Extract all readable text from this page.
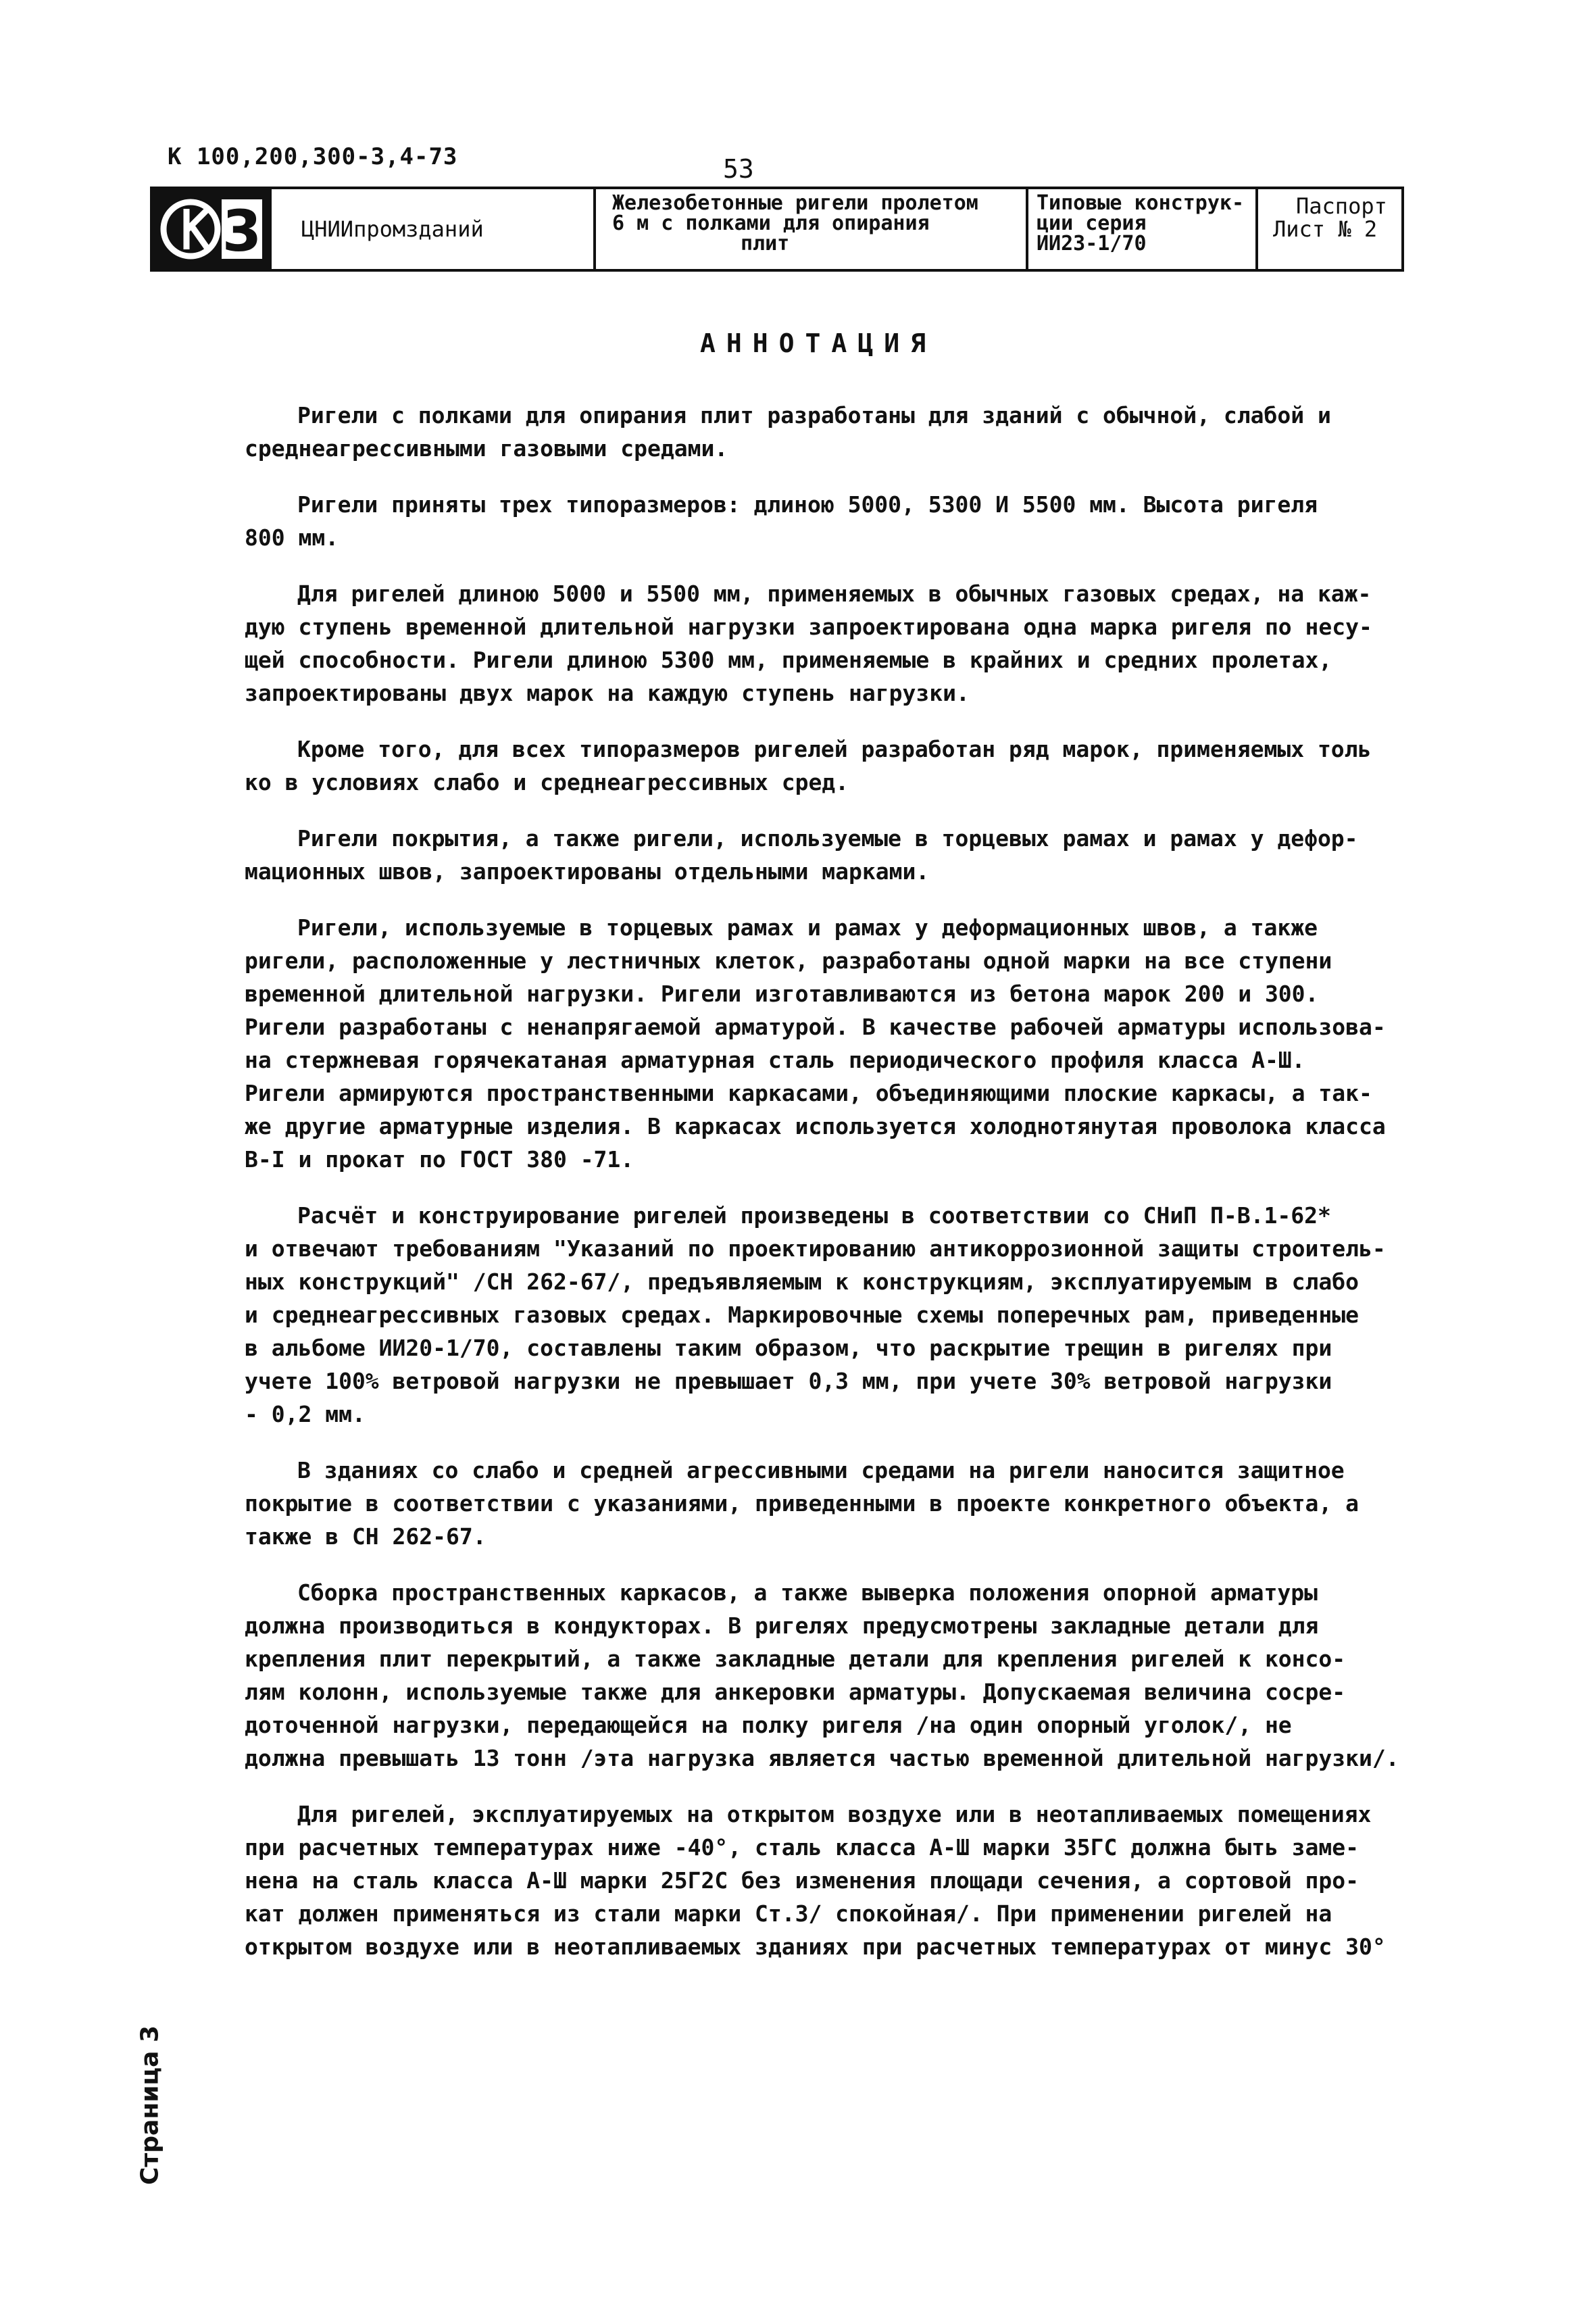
К 100,200,300-3,4-73	53
3 ЦНИИпромзданий
Железобетонные ригели пролетом
6 м с полками для опирания
плит
Типовые конструк-
ции серия
ИИ23-1/70
Паспорт
Лист № 2
АННОТАЦИЯ
Ригели с полками для опирания плит разработаны для зданий с обычной, слабой и
среднеагрессивными газовыми средами.
Ригели приняты трех типоразмеров: длиною 5000, 5300 И 5500 мм. Высота ригеля
800 мм.
Для ригелей длиною 5000 и 5500 мм, применяемых в обычных газовых средах, на каж-
дую ступень временной длительной нагрузки запроектирована одна марка ригеля по несу-
щей способности. Ригели длиною 5300 мм, применяемые в крайних и средних пролетах,
запроектированы двух марок на каждую ступень нагрузки.
Кроме того, для всех типоразмеров ригелей разработан ряд марок, применяемых толь
ко в условиях слабо и среднеагрессивных сред.
Ригели покрытия, а также ригели, используемые в торцевых рамах и рамах у дефор-
мационных швов, запроектированы отдельными марками.
Ригели, используемые в торцевых рамах и рамах у деформационных швов, а также
ригели, расположенные у лестничных клеток, разработаны одной марки на все ступени
временной длительной нагрузки. Ригели изготавливаются из бетона марок 200 и 300.
Ригели разработаны с ненапрягаемой арматурой. В качестве рабочей арматуры использова-
на стержневая горячекатаная арматурная сталь периодического профиля класса А-Ш.
Ригели армируются пространственными каркасами, объединяющими плоские каркасы, а так-
же другие арматурные изделия. В каркасах используется холоднотянутая проволока класса
В-I и прокат по ГОСТ 380 -71.
Расчёт и конструирование ригелей произведены в соответствии со СНиП П-В.1-62*
и отвечают требованиям "Указаний по проектированию антикоррозионной защиты строитель-
ных конструкций" /СН 262-67/, предъявляемым к конструкциям, эксплуатируемым в слабо
и среднеагрессивных газовых средах. Маркировочные схемы поперечных рам, приведенные
в альбоме ИИ20-1/70, составлены таким образом, что раскрытие трещин в ригелях при
учете 100% ветровой нагрузки не превышает 0,3 мм, при учете 30% ветровой нагрузки
- 0,2 мм.
В зданиях со слабо и средней агрессивными средами на ригели наносится защитное
покрытие в соответствии с указаниями, приведенными в проекте конкретного объекта, а
также в СН 262-67.
Сборка пространственных каркасов, а также выверка положения опорной арматуры
должна производиться в кондукторах. В ригелях предусмотрены закладные детали для
крепления плит перекрытий, а также закладные детали для крепления ригелей к консо-
лям колонн, используемые также для анкеровки арматуры. Допускаемая величина сосре-
доточенной нагрузки, передающейся на полку ригеля /на один опорный уголок/, не
должна превышать 13 тонн /эта нагрузка является частью временной длительной нагрузки/.
Для ригелей, эксплуатируемых на открытом воздухе или в неотапливаемых помещениях
при расчетных температурах ниже -40°, сталь класса А-Ш марки 35ГС должна быть заме-
нена на сталь класса А-Ш марки 25Г2С без изменения площади сечения, а сортовой про-
кат должен применяться из стали марки Ст.3/ спокойная/. При применении ригелей на
открытом воздухе или в неотапливаемых зданиях при расчетных температурах от минус 30°
Страница 3
